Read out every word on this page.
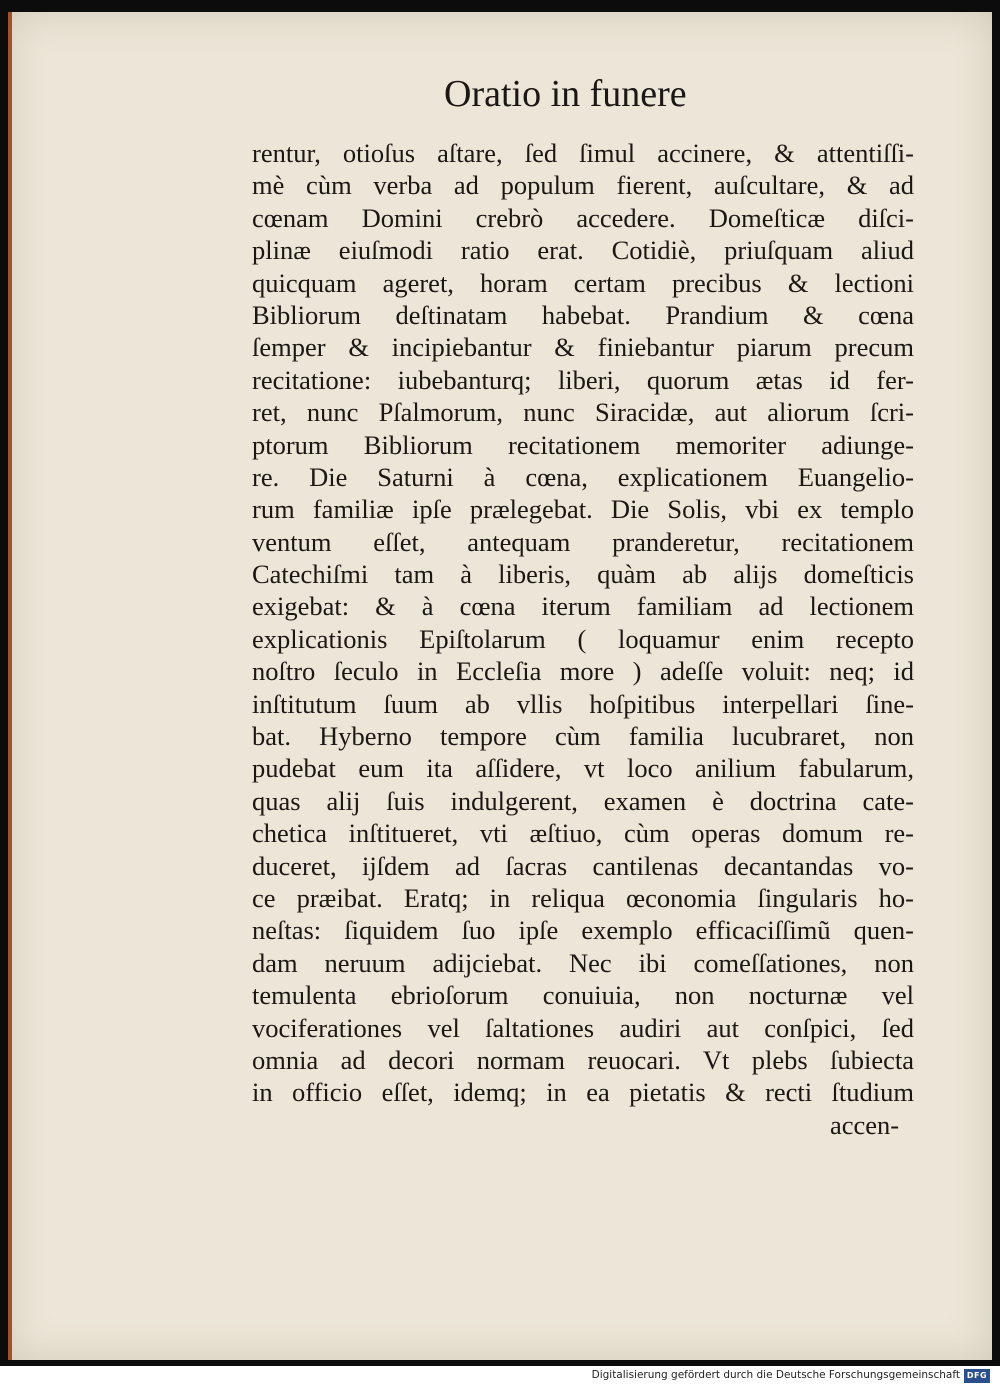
Oratio in funere
rentur, otioſus aſtare, ſed ſimul accinere, & attentiſſi-
mè cùm verba ad populum fierent, auſcultare, & ad
cœnam Domini crebrò accedere. Domeſticæ diſci-
plinæ eiuſmodi ratio erat. Cotidiè, priuſquam aliud
quicquam ageret, horam certam precibus & lectioni
Bibliorum deſtinatam habebat. Prandium & cœna
ſemper & incipiebantur & finiebantur piarum precum
recitatione: iubebanturq; liberi, quorum ætas id fer-
ret, nunc Pſalmorum, nunc Siracidæ, aut aliorum ſcri-
ptorum Bibliorum recitationem memoriter adiunge-
re. Die Saturni à cœna, explicationem Euangelio-
rum familiæ ipſe prælegebat. Die Solis, vbi ex templo
ventum eſſet, antequam pranderetur, recitationem
Catechiſmi tam à liberis, quàm ab alijs domeſticis
exigebat: & à cœna iterum familiam ad lectionem
explicationis Epiſtolarum ( loquamur enim recepto
noſtro ſeculo in Eccleſia more ) adeſſe voluit: neq; id
inſtitutum ſuum ab vllis hoſpitibus interpellari ſine-
bat. Hyberno tempore cùm familia lucubraret, non
pudebat eum ita aſſidere, vt loco anilium fabularum,
quas alij ſuis indulgerent, examen è doctrina cate-
chetica inſtitueret, vti æſtiuo, cùm operas domum re-
duceret, ijſdem ad ſacras cantilenas decantandas vo-
ce præibat. Eratq; in reliqua œconomia ſingularis ho-
neſtas: ſiquidem ſuo ipſe exemplo efficaciſſimũ quen-
dam neruum adijciebat. Nec ibi comeſſationes, non
temulenta ebrioſorum conuiuia, non nocturnæ vel
vociferationes vel ſaltationes audiri aut conſpici, ſed
omnia ad decori normam reuocari. Vt plebs ſubiecta
in officio eſſet, idemq; in ea pietatis & recti ſtudium
accen-
Digitalisierung gefördert durch die Deutsche Forschungsgemeinschaft DFG
